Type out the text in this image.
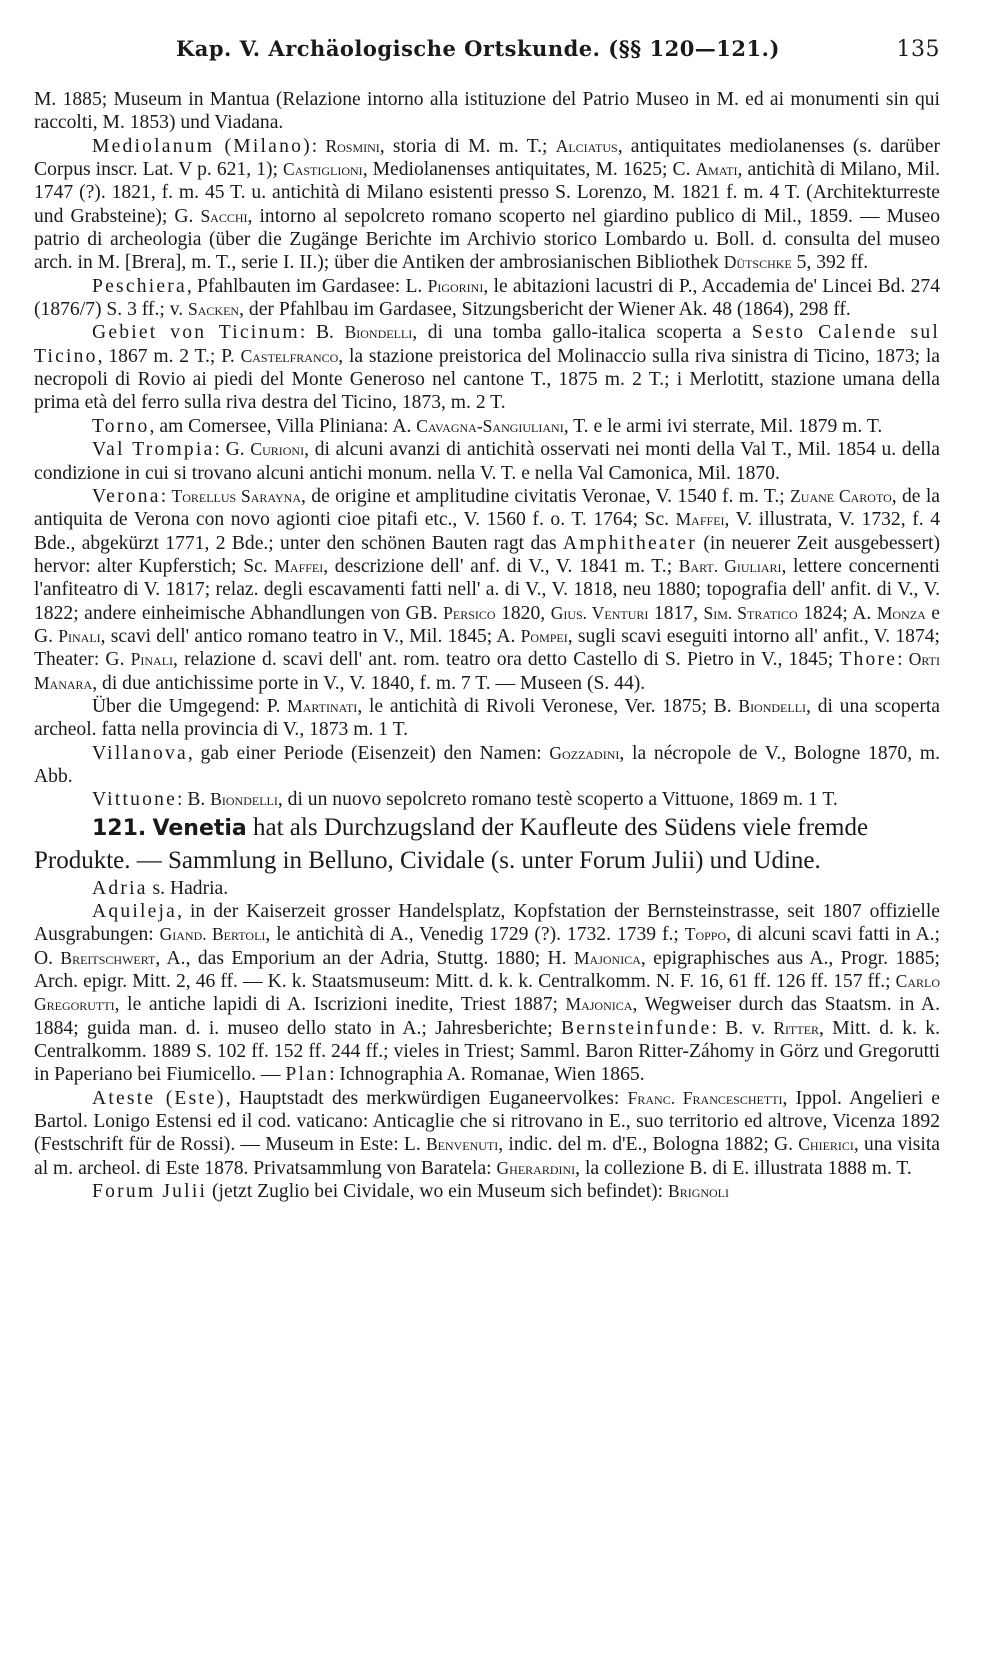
Kap. V. Archäologische Ortskunde. (§§ 120—121.)	135

M. 1885; Museum in Mantua (Relazione intorno alla istituzione del Patrio Museo in M. ed ai monumenti sin qui raccolti, M. 1853) und Viadana.

Mediolanum (Milano): Rosmini, storia di M. m. T.; Alciatus, antiquitates mediolanenses (s. darüber Corpus inscr. Lat. V p. 621, 1); Castiglioni, Mediolanenses antiquitates, M. 1625; C. Amati, antichità di Milano, Mil. 1747 (?). 1821, f. m. 45 T. u. antichità di Milano esistenti presso S. Lorenzo, M. 1821 f. m. 4 T. (Architekturreste und Grabsteine); G. Sacchi, intorno al sepolcreto romano scoperto nel giardino publico di Mil., 1859. — Museo patrio di archeologia (über die Zugänge Berichte im Archivio storico Lombardo u. Boll. d. consulta del museo arch. in M. [Brera], m. T., serie I. II.); über die Antiken der ambrosianischen Bibliothek Dütschke 5, 392 ff.

Peschiera, Pfahlbauten im Gardasee: L. Pigorini, le abitazioni lacustri di P., Accademia de' Lincei Bd. 274 (1876/7) S. 3 ff.; v. Sacken, der Pfahlbau im Gardasee, Sitzungsbericht der Wiener Ak. 48 (1864), 298 ff.

Gebiet von Ticinum: B. Biondelli, di una tomba gallo-italica scoperta a Sesto Calende sul Ticino, 1867 m. 2 T.; P. Castelfranco, la stazione preistorica del Molinaccio sulla riva sinistra di Ticino, 1873; la necropoli di Rovio ai piedi del Monte Generoso nel cantone T., 1875 m. 2 T.; i Merlotitt, stazione umana della prima età del ferro sulla riva destra del Ticino, 1873, m. 2 T.

Torno, am Comersee, Villa Pliniana: A. Cavagna-Sangiuliani, T. e le armi ivi sterrate, Mil. 1879 m. T.

Val Trompia: G. Curioni, di alcuni avanzi di antichità osservati nei monti della Val T., Mil. 1854 u. della condizione in cui si trovano alcuni antichi monum. nella V. T. e nella Val Camonica, Mil. 1870.

Verona: Torellus Sarayna, de origine et amplitudine civitatis Veronae, V. 1540 f. m. T.; Zuane Caroto, de la antiquita de Verona con novo agionti cioe pitafi etc., V. 1560 f. o. T. 1764; Sc. Maffei, V. illustrata, V. 1732, f. 4 Bde., abgekürzt 1771, 2 Bde.; unter den schönen Bauten ragt das Amphitheater (in neuerer Zeit ausgebessert) hervor: alter Kupferstich; Sc. Maffei, descrizione dell' anf. di V., V. 1841 m. T.; Bart. Giuliari, lettere concernenti l'anfiteatro di V. 1817; relaz. degli escavamenti fatti nell' a. di V., V. 1818, neu 1880; topografia dell' anfit. di V., V. 1822; andere einheimische Abhandlungen von GB. Persico 1820, Gius. Venturi 1817, Sim. Stratico 1824; A. Monza e G. Pinali, scavi dell' antico romano teatro in V., Mil. 1845; A. Pompei, sugli scavi eseguiti intorno all' anfit., V. 1874; Theater: G. Pinali, relazione d. scavi dell' ant. rom. teatro ora detto Castello di S. Pietro in V., 1845; Thore: Orti Manara, di due antichissime porte in V., V. 1840, f. m. 7 T. — Museen (S. 44).

Über die Umgegend: P. Martinati, le antichità di Rivoli Veronese, Ver. 1875; B. Biondelli, di una scoperta archeol. fatta nella provincia di V., 1873 m. 1 T.

Villanova, gab einer Periode (Eisenzeit) den Namen: Gozzadini, la nécropole de V., Bologne 1870, m. Abb.

Vittuone: B. Biondelli, di un nuovo sepolcreto romano testè scoperto a Vittuone, 1869 m. 1 T.

121. Venetia hat als Durchzugsland der Kaufleute des Südens viele fremde Produkte. — Sammlung in Belluno, Cividale (s. unter Forum Julii) und Udine.

Adria s. Hadria.

Aquileja, in der Kaiserzeit grosser Handelsplatz, Kopfstation der Bernsteinstrasse, seit 1807 offizielle Ausgrabungen: Giand. Bertoli, le antichità di A., Venedig 1729 (?). 1732. 1739 f.; Toppo, di alcuni scavi fatti in A.; O. Breitschwert, A., das Emporium an der Adria, Stuttg. 1880; H. Majonica, epigraphisches aus A., Progr. 1885; Arch. epigr. Mitt. 2, 46 ff. — K. k. Staatsmuseum: Mitt. d. k. k. Centralkomm. N. F. 16, 61 ff. 126 ff. 157 ff.; Carlo Gregorutti, le antiche lapidi di A. Iscrizioni inedite, Triest 1887; Majonica, Wegweiser durch das Staatsm. in A. 1884; guida man. d. i. museo dello stato in A.; Jahresberichte; Bernsteinfunde: B. v. Ritter, Mitt. d. k. k. Centralkomm. 1889 S. 102 ff. 152 ff. 244 ff.; vieles in Triest; Samml. Baron Ritter-Záhomy in Görz und Gregorutti in Paperiano bei Fiumicello. — Plan: Ichnographia A. Romanae, Wien 1865.

Ateste (Este), Hauptstadt des merkwürdigen Euganeervolkes: Franc. Franceschetti, Ippol. Angelieri e Bartol. Lonigo Estensi ed il cod. vaticano: Anticaglie che si ritrovano in E., suo territorio ed altrove, Vicenza 1892 (Festschrift für de Rossi). — Museum in Este: L. Benvenuti, indic. del m. d'E., Bologna 1882; G. Chierici, una visita al m. archeol. di Este 1878. Privatsammlung von Baratela: Gherardini, la collezione B. di E. illustrata 1888 m. T.

Forum Julii (jetzt Zuglio bei Cividale, wo ein Museum sich befindet): Brignoli
